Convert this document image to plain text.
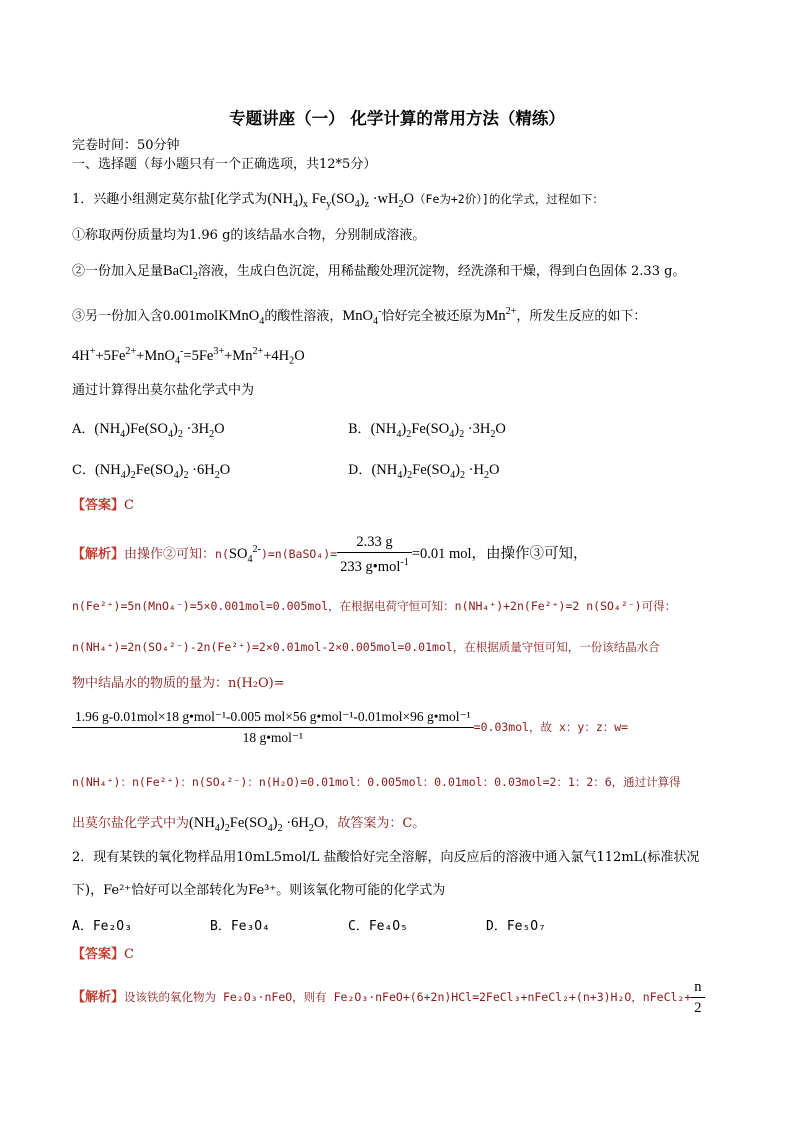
专题讲座（一） 化学计算的常用方法（精练）
完卷时间：50分钟
一、选择题（每小题只有一个正确选项，共12*5分）
1．兴趣小组测定莫尔盐[化学式为$(NH_4)_x$ $Fe_y(SO_4)_z \cdot wH_2O(Fe$为+2价）]的化学式，过程如下：
①称取两份质量均为1.96 g的该结晶水合物，分别制成溶液。
②一份加入足量BaCl$_2$溶液，生成白色沉淀，用稀盐酸处理沉淀物，经洗涤和干燥，得到白色固体 2.33 g。
③另一份加入含0.001molKMnO$_4$的酸性溶液，MnO$_4$-恰好完全被还原为$Mn^{2+}$，所发生反应的如下：
$4H^++5Fe^{2+}+MnO_4^-=5Fe^{3+}+Mn^{2+}+4H_2O$
通过计算得出莫尔盐化学式中为
A．$(NH_4)Fe(SO_4)_2 \cdot 3H_2O$	B．$(NH_4)_2Fe(SO_4)_2 \cdot 3H_2O$
C．$(NH_4)_2Fe(SO_4)_2 \cdot 6H_2O$	D．$(NH_4)_2Fe(SO_4)_2 \cdot H_2O$
【答案】C
【解析】由操作②可知：$n(SO_4^{2-})=n(BaSO_4)= \frac{2.33 g}{233 g•mol^{-1}} =0.01$ mol，由操作③可知，
n(Fe²⁺)=5n(MnO₄⁻)=5×0.001mol=0.005mol，在根据电荷守恒可知：n(NH₄⁺)+2n(Fe²⁺)=2 n(SO₄²⁻)可得：
n(NH₄⁺)=2n(SO₄²⁻)-2n(Fe²⁺)=2×0.01mol-2×0.005mol=0.01mol，在根据质量守恒可知，一份该结晶水合
物中结晶水的物质的量为：n(H₂O)=
1.96 g-0.01mol×18 g•mol⁻¹-0.005 mol×56 g•mol⁻¹-0.01mol×96 g•mol⁻¹
18 g•mol⁻¹
=0.03mol，故 x：y：z：w=
n(NH₄⁺)：n(Fe²⁺)：n(SO₄²⁻)：n(H₂O)=0.01mol：0.005mol：0.01mol：0.03mol=2：1：2：6，通过计算得
出莫尔盐化学式中为$(NH_4)_2Fe(SO_4)_2 \cdot 6H_2O$，故答案为：C。
2．现有某铁的氧化物样品用10mL5mol/L 盐酸恰好完全溶解，向反应后的溶液中通入氯气112mL(标准状况
下)，Fe²⁺恰好可以全部转化为Fe³⁺。则该氧化物可能的化学式为
A．Fe₂O₃	B．Fe₃O₄	C．Fe₄O₅	D．Fe₅O₇
【答案】C
【解析】设该铁的氧化物为 Fe₂O₃·nFeO，则有 Fe₂O₃·nFeO+(6+2n)HCl=2FeCl₃+nFeCl₂+(n+3)H₂O，nFeCl₂+ $\frac{n}{2}$
